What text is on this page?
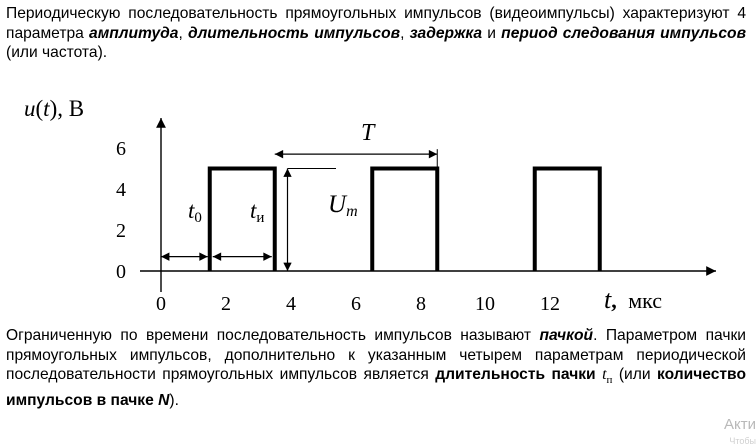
Периодическую последовательность прямоугольных импульсов (видеоимпульсы) характеризуют 4 параметра амплитуда, длительность импульсов, задержка и период следования импульсов (или частота).

u(t), В
0
2
4
6
0	2	4	6	8 10 12 t, мкс
t0 tи	Um
T

Ограниченную по времени последовательность импульсов называют пачкой. Параметром пачки прямоугольных импульсов, дополнительно к указанным четырем параметрам периодической последовательности прямоугольных импульсов является длительность пачки $t_п$ (или количество импульсов в пачке N).

Акти
Чтобы
